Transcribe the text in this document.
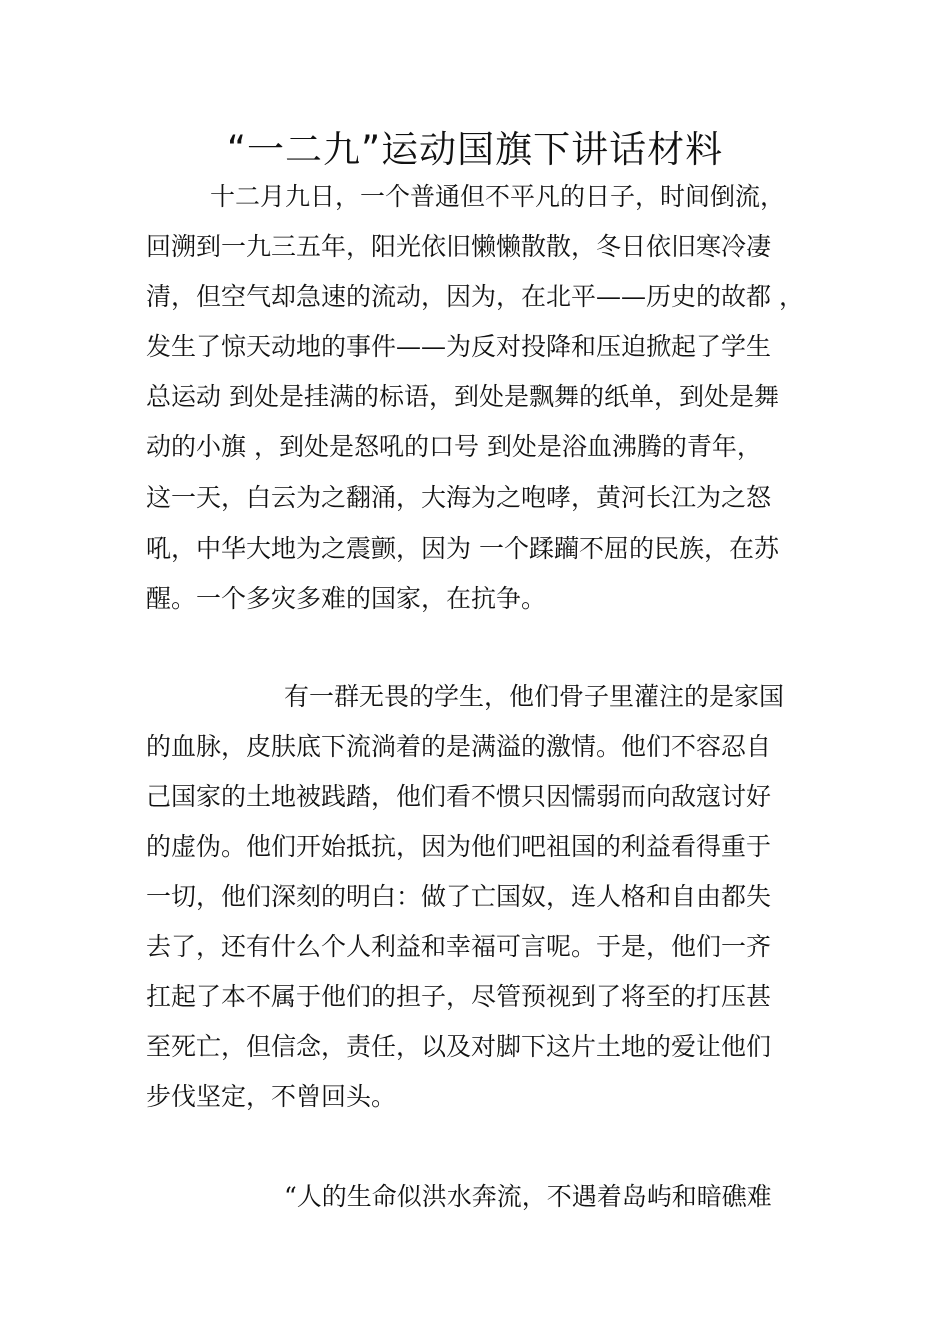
“一二九”运动国旗下讲话材料

十二月九日，一个普通但不平凡的日子，时间倒流，

回溯到一九三五年，阳光依旧懒懒散散，冬日依旧寒冷凄

清，但空气却急速的流动，因为，在北平——历史的故都 ，

发生了惊天动地的事件——为反对投降和压迫掀起了学生

总运动 到处是挂满的标语，到处是飘舞的纸单，到处是舞

动的小旗 ，到处是怒吼的口号 到处是浴血沸腾的青年，

这一天，白云为之翻涌，大海为之咆哮，黄河长江为之怒

吼，中华大地为之震颤，因为 一个蹂躏不屈的民族，在苏

醒。一个多灾多难的国家，在抗争。

有一群无畏的学生，他们骨子里灌注的是家国

的血脉，皮肤底下流淌着的是满溢的激情。他们不容忍自

己国家的土地被践踏，他们看不惯只因懦弱而向敌寇讨好

的虚伪。他们开始抵抗，因为他们吧祖国的利益看得重于

一切，他们深刻的明白：做了亡国奴，连人格和自由都失

去了，还有什么个人利益和幸福可言呢。于是，他们一齐

扛起了本不属于他们的担子，尽管预视到了将至的打压甚

至死亡，但信念，责任，以及对脚下这片土地的爱让他们

步伐坚定，不曾回头。

“人的生命似洪水奔流，不遇着岛屿和暗礁难
